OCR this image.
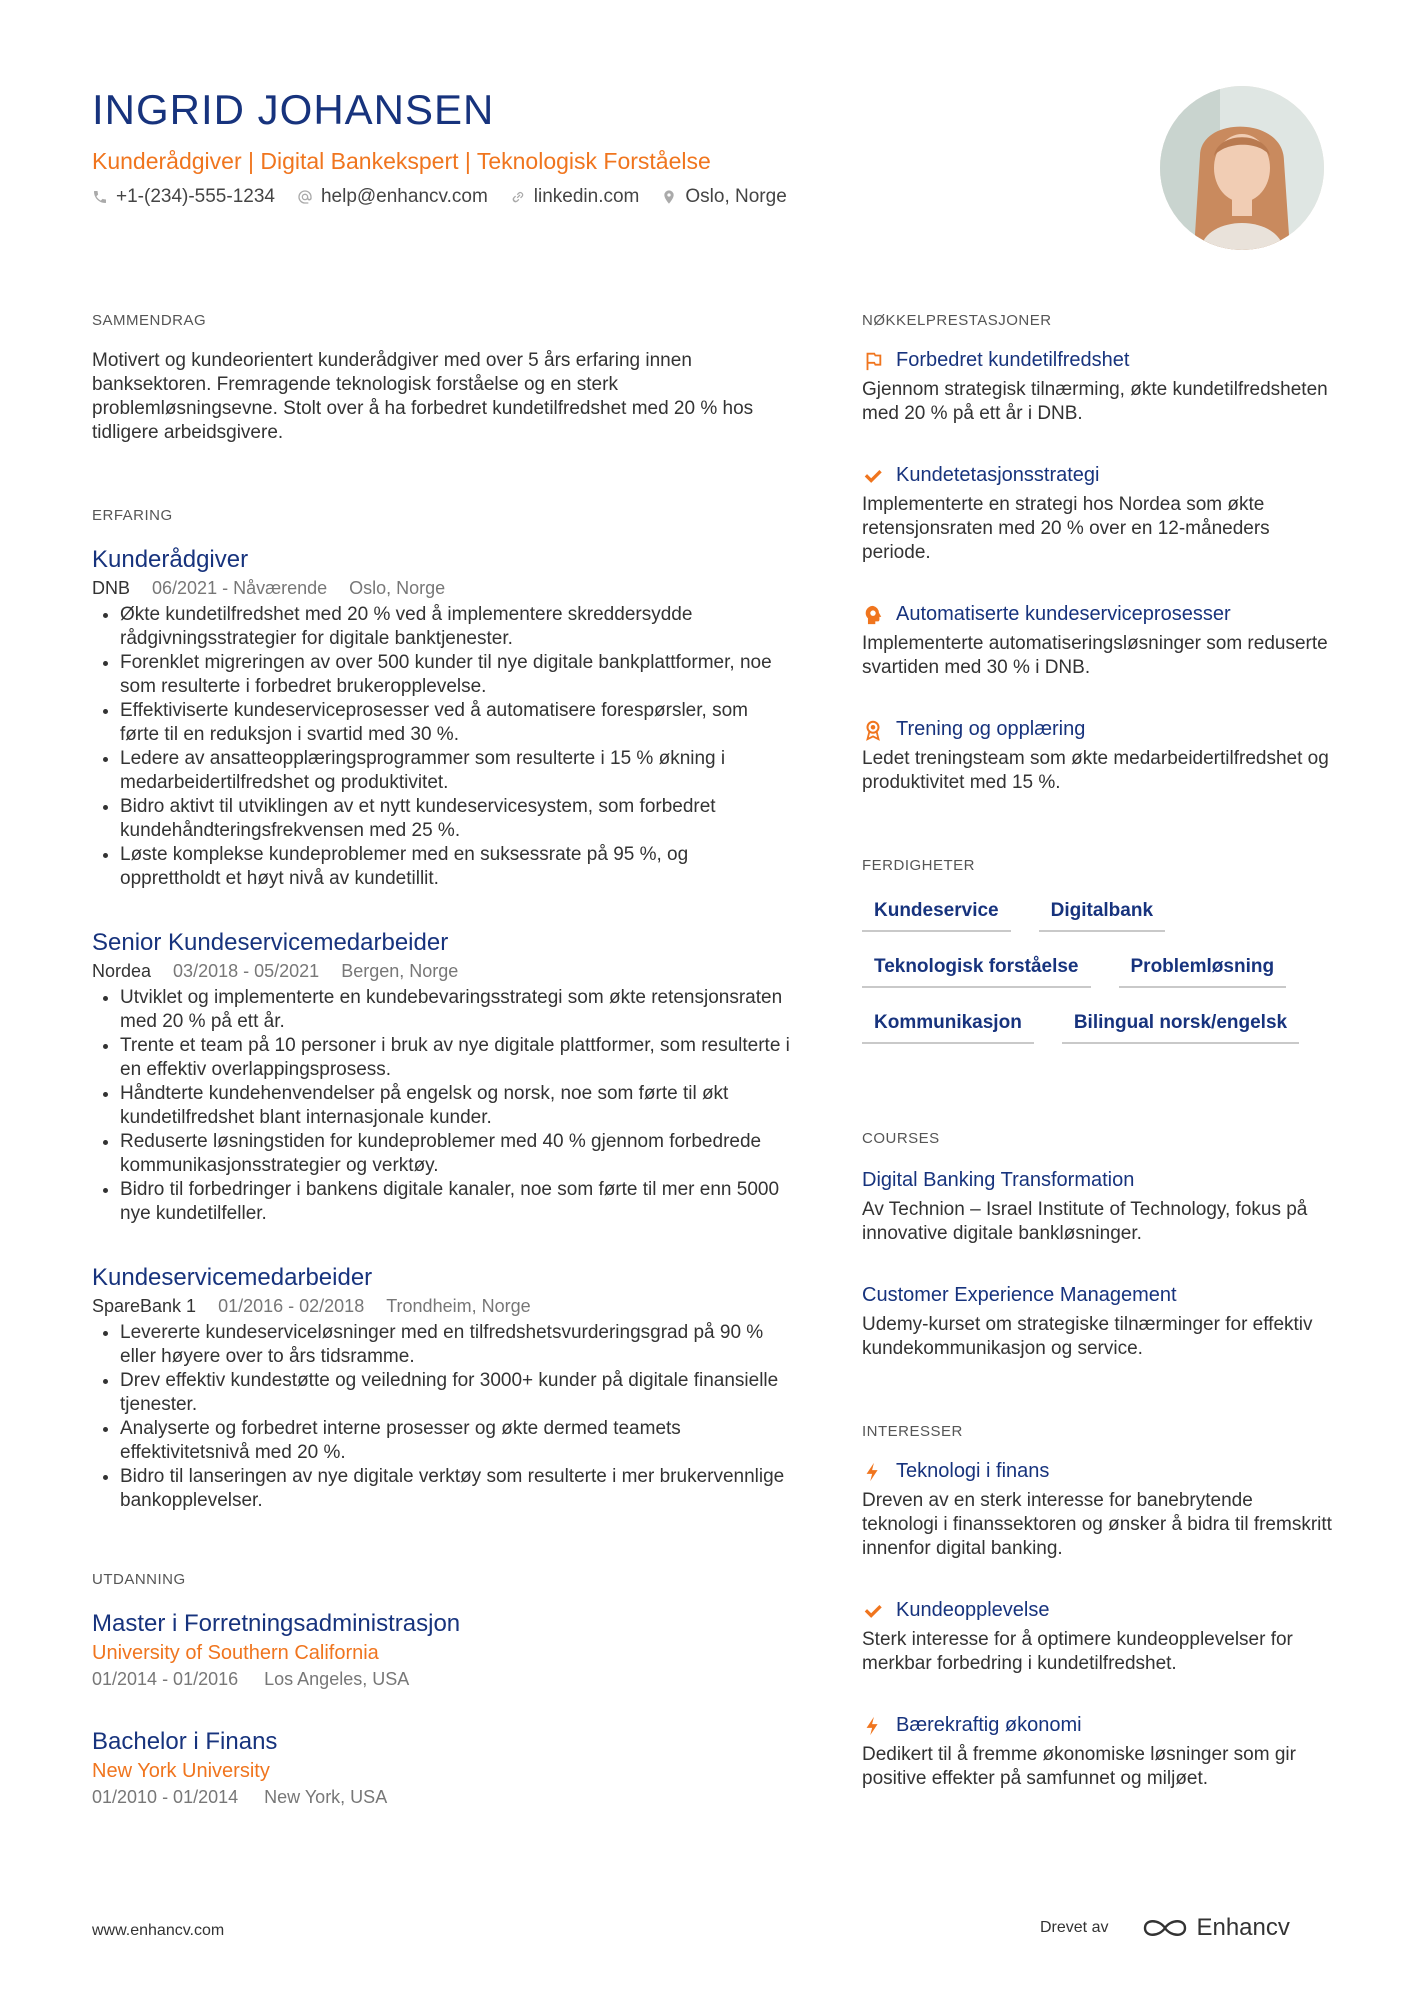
INGRID JOHANSEN
Kunderådgiver | Digital Bankekspert | Teknologisk Forståelse
+1-(234)-555-1234 help@enhancv.com linkedin.com Oslo, Norge
SAMMENDRAG
Motivert og kundeorientert kunderådgiver med over 5 års erfaring innen banksektoren. Fremragende teknologisk forståelse og en sterk problemløsningsevne. Stolt over å ha forbedret kundetilfredshet med 20 % hos tidligere arbeidsgivere.
ERFARING
Kunderådgiver
DNB 06/2021 - Nåværende Oslo, Norge
• Økte kundetilfredshet med 20 % ved å implementere skreddersydde rådgivningsstrategier for digitale banktjenester.
• Forenklet migreringen av over 500 kunder til nye digitale bankplattformer, noe som resulterte i forbedret brukeropplevelse.
• Effektiviserte kundeserviceprosesser ved å automatisere forespørsler, som førte til en reduksjon i svartid med 30 %.
• Ledere av ansatteopplæringsprogrammer som resulterte i 15 % økning i medarbeidertilfredshet og produktivitet.
• Bidro aktivt til utviklingen av et nytt kundeservicesystem, som forbedret kundehåndteringsfrekvensen med 25 %.
• Løste komplekse kundeproblemer med en suksessrate på 95 %, og opprettholdt et høyt nivå av kundetillit.
Senior Kundeservicemedarbeider
Nordea 03/2018 - 05/2021 Bergen, Norge
• Utviklet og implementerte en kundebevaringsstrategi som økte retensjonsraten med 20 % på ett år.
• Trente et team på 10 personer i bruk av nye digitale plattformer, som resulterte i en effektiv overlappingsprosess.
• Håndterte kundehenvendelser på engelsk og norsk, noe som førte til økt kundetilfredshet blant internasjonale kunder.
• Reduserte løsningstiden for kundeproblemer med 40 % gjennom forbedrede kommunikasjonsstrategier og verktøy.
• Bidro til forbedringer i bankens digitale kanaler, noe som førte til mer enn 5000 nye kundetilfeller.
Kundeservicemedarbeider
SpareBank 1 01/2016 - 02/2018 Trondheim, Norge
• Levererte kundeserviceløsninger med en tilfredshetsvurderingsgrad på 90 % eller høyere over to års tidsramme.
• Drev effektiv kundestøtte og veiledning for 3000+ kunder på digitale finansielle tjenester.
• Analyserte og forbedret interne prosesser og økte dermed teamets effektivitetsnivå med 20 %.
• Bidro til lanseringen av nye digitale verktøy som resulterte i mer brukervennlige bankopplevelser.
UTDANNING
Master i Forretningsadministrasjon
University of Southern California
01/2014 - 01/2016 Los Angeles, USA
Bachelor i Finans
New York University
01/2010 - 01/2014 New York, USA
NØKKELPRESTASJONER
Forbedret kundetilfredshet
Gjennom strategisk tilnærming, økte kundetilfredsheten med 20 % på ett år i DNB.
Kundetetasjonsstrategi
Implementerte en strategi hos Nordea som økte retensjonsraten med 20 % over en 12-måneders periode.
Automatiserte kundeserviceprosesser
Implementerte automatiseringsløsninger som reduserte svartiden med 30 % i DNB.
Trening og opplæring
Ledet treningsteam som økte medarbeidertilfredshet og produktivitet med 15 %.
FERDIGHETER
Kundeservice	Digitalbank
Teknologisk forståelse	Problemløsning
Kommunikasjon	Bilingual norsk/engelsk
COURSES
Digital Banking Transformation
Av Technion – Israel Institute of Technology, fokus på innovative digitale bankløsninger.
Customer Experience Management
Udemy-kurset om strategiske tilnærminger for effektiv kundekommunikasjon og service.
INTERESSER
Teknologi i finans
Dreven av en sterk interesse for banebrytende teknologi i finanssektoren og ønsker å bidra til fremskritt innenfor digital banking.
Kundeopplevelse
Sterk interesse for å optimere kundeopplevelser for merkbar forbedring i kundetilfredshet.
Bærekraftig økonomi
Dedikert til å fremme økonomiske løsninger som gir positive effekter på samfunnet og miljøet.
www.enhancv.com	Drevet av	Enhancv
